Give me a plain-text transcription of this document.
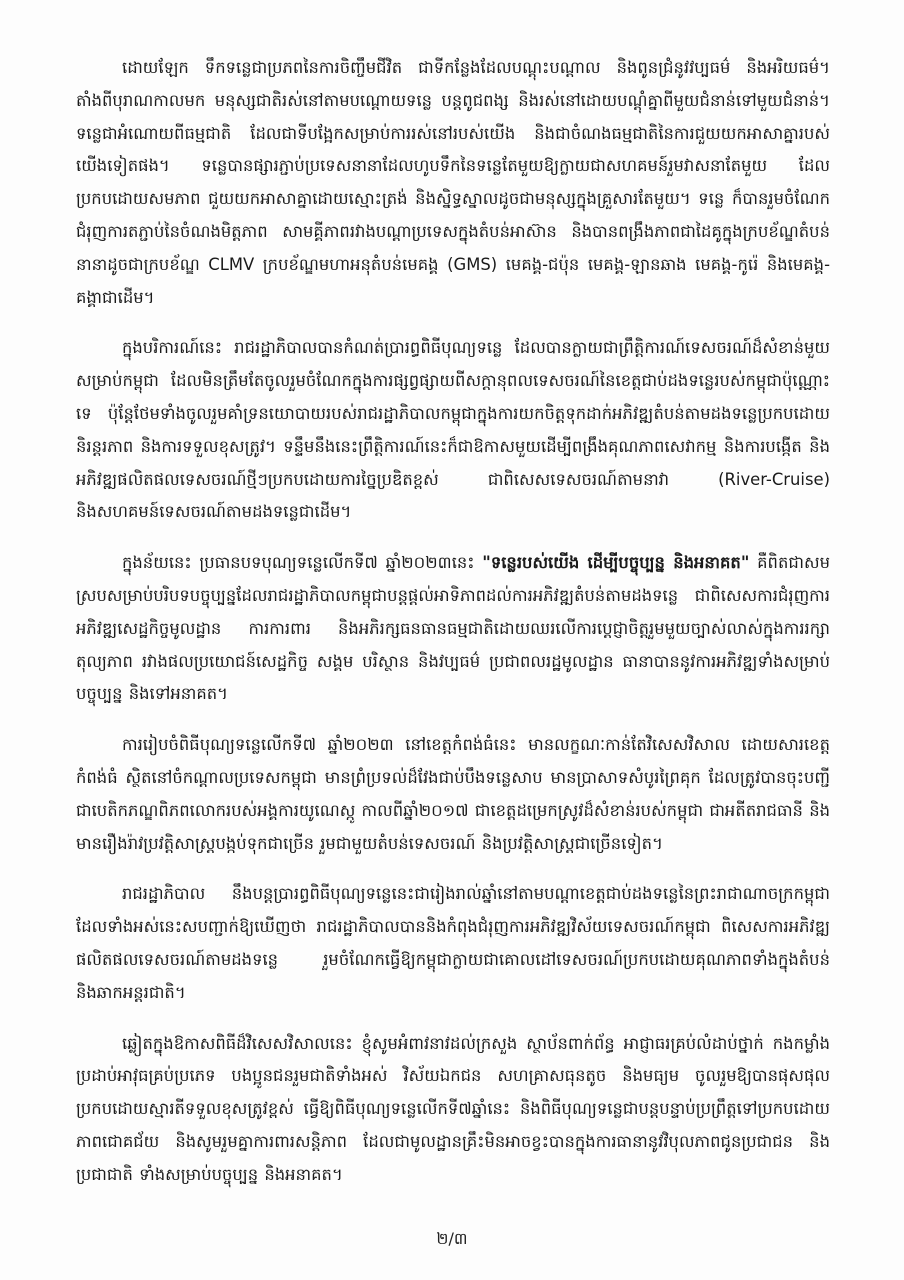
ដោយឡែក ទឹកទន្លេជាប្រភពនៃការចិញ្ចឹមជីវិត ជាទីកន្លែងដែលបណ្ដុះបណ្ដាល និងពូនជ្រំនូវវប្បធម៌ និងអរិយធម៌។ តាំងពីបុរាណកាលមក មនុស្សជាតិរស់នៅតាមបណ្ដោយទន្លេ បន្តពូជពង្ស និងរស់នៅដោយបណ្ដុំគ្នាពីមួយជំនាន់ទៅមួយជំនាន់។ ទន្លេជាអំណោយពីធម្មជាតិ ដែលជាទីបង្អែកសម្រាប់ការរស់នៅរបស់យើង និងជាចំណងធម្មជាតិនៃការជួយយកអាសាគ្នារបស់យើងទៀតផង។ ទន្លេបានផ្សារភ្ជាប់ប្រទេសនានាដែលហូបទឹកនៃទន្លេតែមួយឱ្យក្លាយជាសហគមន៍រួមវាសនាតែមួយ ដែលប្រកបដោយសមភាព ជួយយកអាសាគ្នាដោយស្មោះត្រង់ និងស្និទ្ធស្នាលដូចជាមនុស្សក្នុងគ្រួសារតែមួយ។ ទន្លេ ក៏បានរួមចំណែកជំរុញការតភ្ជាប់នៃចំណងមិត្តភាព សាមគ្គីភាពរវាងបណ្ដាប្រទេសក្នុងតំបន់អាស៊ាន និងបានពង្រឹងភាពជាដៃគូក្នុងក្របខ័ណ្ឌតំបន់នានាដូចជាក្របខ័ណ្ឌ CLMV ក្របខ័ណ្ឌមហាអនុតំបន់មេគង្គ (GMS) មេគង្គ-ជប៉ុន មេគង្គ-ឡានឆាង មេគង្គ-កូរ៉េ និងមេគង្គ-គង្គាជាដើម។

ក្នុងបរិការណ៍នេះ រាជរដ្ឋាភិបាលបានកំណត់ប្រារព្ធពិធីបុណ្យទន្លេ ដែលបានក្លាយជាព្រឹត្តិការណ៍ទេសចរណ៍ដ៏សំខាន់មួយសម្រាប់កម្ពុជា ដែលមិនត្រឹមតែចូលរួមចំណែកក្នុងការផ្សព្វផ្សាយពីសក្ដានុពលទេសចរណ៍នៃខេត្តជាប់ដងទន្លេរបស់កម្ពុជាប៉ុណ្ណោះទេ ប៉ុន្តែថែមទាំងចូលរួមគាំទ្រនយោបាយរបស់រាជរដ្ឋាភិបាលកម្ពុជាក្នុងការយកចិត្តទុកដាក់អភិវឌ្ឍតំបន់តាមដងទន្លេប្រកបដោយនិរន្តរភាព និងការទទួលខុសត្រូវ។ ទន្ទឹមនឹងនេះព្រឹត្តិការណ៍នេះក៏ជាឱកាសមួយដើម្បីពង្រឹងគុណភាពសេវាកម្ម និងការបង្កើត និងអភិវឌ្ឍផលិតផលទេសចរណ៍ថ្មីៗប្រកបដោយការច្នៃប្រឌិតខ្ពស់ ជាពិសេសទេសចរណ៍តាមនាវា (River-Cruise) និងសហគមន៍ទេសចរណ៍តាមដងទន្លេជាដើម។

ក្នុងន័យនេះ ប្រធានបទបុណ្យទន្លេលើកទី៧ ឆ្នាំ២០២៣នេះ "ទន្លេរបស់យើង ដើម្បីបច្ចុប្បន្ន និងអនាគត" គឺពិតជាសមស្របសម្រាប់បរិបទបច្ចុប្បន្នដែលរាជរដ្ឋាភិបាលកម្ពុជាបន្តផ្ដល់អាទិភាពដល់ការអភិវឌ្ឍតំបន់តាមដងទន្លេ ជាពិសេសការជំរុញការអភិវឌ្ឍសេដ្ឋកិច្ចមូលដ្ឋាន ការការពារ និងអភិរក្សធនធានធម្មជាតិដោយឈរលើការប្ដេជ្ញាចិត្តរួមមួយច្បាស់លាស់ក្នុងការរក្សាតុល្យភាព រវាងផលប្រយោជន៍សេដ្ឋកិច្ច សង្គម បរិស្ថាន និងវប្បធម៌ ប្រជាពលរដ្ឋមូលដ្ឋាន ធានាបាននូវការអភិវឌ្ឍទាំងសម្រាប់បច្ចុប្បន្ន និងទៅអនាគត។

ការរៀបចំពិធីបុណ្យទន្លេលើកទី៧ ឆ្នាំ២០២៣ នៅខេត្តកំពង់ធំនេះ មានលក្ខណៈកាន់តែវិសេសវិសាល ដោយសារខេត្តកំពង់ធំ ស្ថិតនៅចំកណ្ដាលប្រទេសកម្ពុជា មានព្រំប្រទល់ដ៏វែងជាប់បឹងទន្លេសាប មានប្រាសាទសំបូរព្រៃគុក ដែលត្រូវបានចុះបញ្ជីជាបេតិកភណ្ឌពិភពលោករបស់អង្គការយូណេស្កូ កាលពីឆ្នាំ២០១៧ ជាខេត្តដម្រេកស្រូវដ៏សំខាន់របស់កម្ពុជា ជាអតីតរាជធានី និងមានរឿងរ៉ាវប្រវត្តិសាស្ត្របង្កប់ទុកជាច្រើន រួមជាមួយតំបន់ទេសចរណ៍ និងប្រវត្តិសាស្ត្រជាច្រើនទៀត។

រាជរដ្ឋាភិបាល នឹងបន្តប្រារព្ធពិធីបុណ្យទន្លេនេះជារៀងរាល់ឆ្នាំនៅតាមបណ្ដាខេត្តជាប់ដងទន្លេនៃព្រះរាជាណាចក្រកម្ពុជា ដែលទាំងអស់នេះសបញ្ជាក់ឱ្យឃើញថា រាជរដ្ឋាភិបាលបាននិងកំពុងជំរុញការអភិវឌ្ឍវិស័យទេសចរណ៍កម្ពុជា ពិសេសការអភិវឌ្ឍផលិតផលទេសចរណ៍តាមដងទន្លេ រួមចំណែកធ្វើឱ្យកម្ពុជាក្លាយជាគោលដៅទេសចរណ៍ប្រកបដោយគុណភាពទាំងក្នុងតំបន់ និងឆាកអន្តរជាតិ។

ឆ្លៀតក្នុងឱកាសពិធីដ៏វិសេសវិសាលនេះ ខ្ញុំសូមអំពាវនាវដល់ក្រសួង ស្ថាប័នពាក់ព័ន្ធ អាជ្ញាធរគ្រប់លំដាប់ថ្នាក់ កងកម្លាំងប្រដាប់អាវុធគ្រប់ប្រភេទ បងប្អូនជនរួមជាតិទាំងអស់ វិស័យឯកជន សហគ្រាសធុនតូច និងមធ្យម ចូលរួមឱ្យបានផុសផុលប្រកបដោយស្មារតីទទួលខុសត្រូវខ្ពស់ ធ្វើឱ្យពិធីបុណ្យទន្លេលើកទី៧ឆ្នាំនេះ និងពិធីបុណ្យទន្លេជាបន្តបន្ទាប់ប្រព្រឹត្តទៅប្រកបដោយភាពជោគជ័យ និងសូមរួមគ្នាការពារសន្តិភាព ដែលជាមូលដ្ឋានគ្រឹះមិនអាចខ្វះបានក្នុងការធានានូវវិបុលភាពជូនប្រជាជន និងប្រជាជាតិ ទាំងសម្រាប់បច្ចុប្បន្ន និងអនាគត។

២/៣
